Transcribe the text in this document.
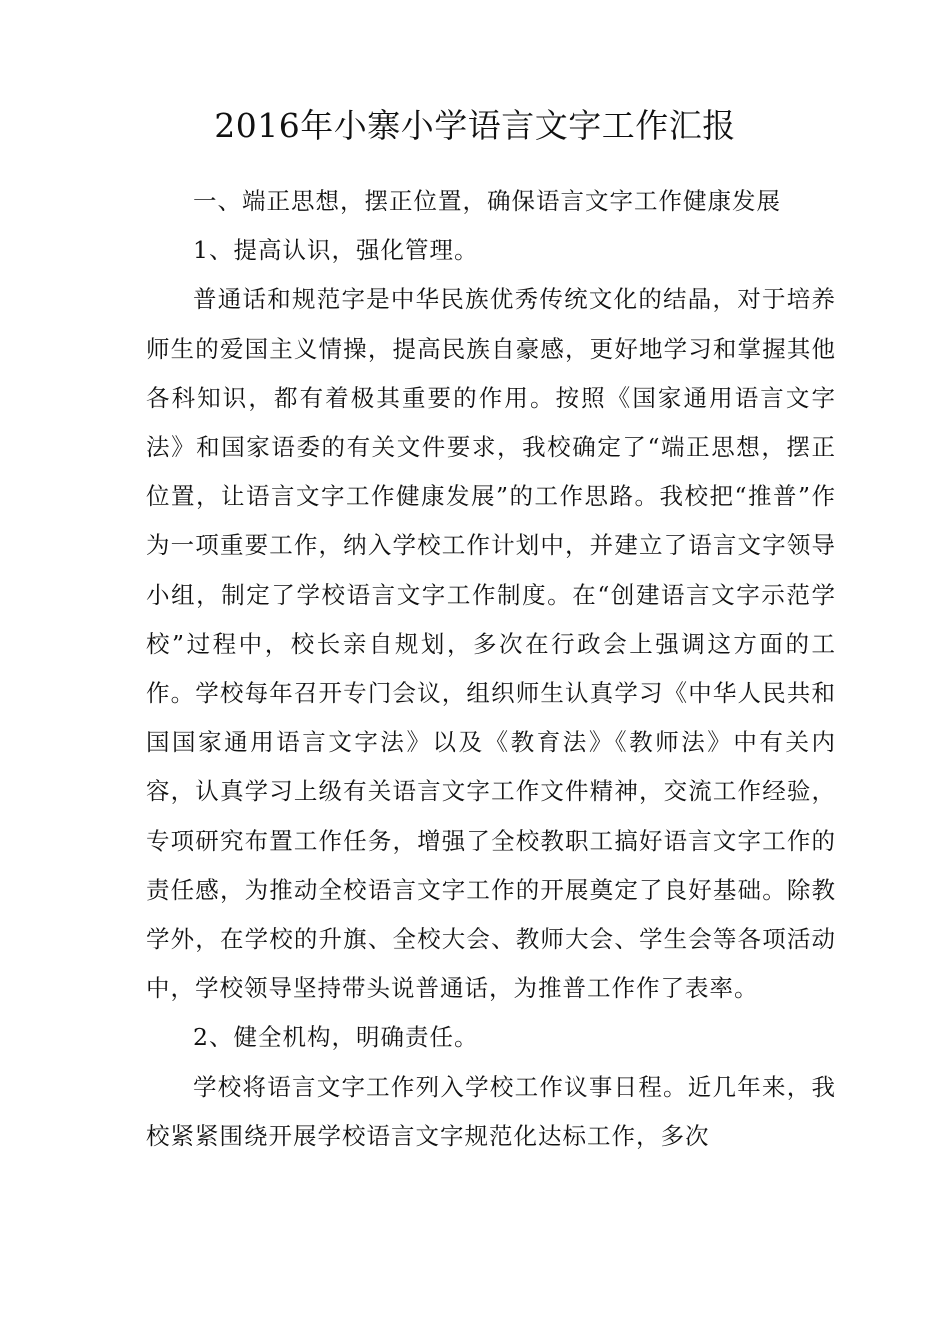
2016年小寨小学语言文字工作汇报

一、端正思想，摆正位置，确保语言文字工作健康发展

1、提高认识，强化管理。

普通话和规范字是中华民族优秀传统文化的结晶，对于培养师生的爱国主义情操，提高民族自豪感，更好地学习和掌握其他各科知识，都有着极其重要的作用。按照《国家通用语言文字法》和国家语委的有关文件要求，我校确定了“端正思想，摆正位置，让语言文字工作健康发展”的工作思路。我校把“推普”作为一项重要工作，纳入学校工作计划中，并建立了语言文字领导小组，制定了学校语言文字工作制度。在“创建语言文字示范学校”过程中，校长亲自规划，多次在行政会上强调这方面的工作。学校每年召开专门会议，组织师生认真学习《中华人民共和国国家通用语言文字法》以及《教育法》《教师法》中有关内容，认真学习上级有关语言文字工作文件精神，交流工作经验，专项研究布置工作任务，增强了全校教职工搞好语言文字工作的责任感，为推动全校语言文字工作的开展奠定了良好基础。除教学外，在学校的升旗、全校大会、教师大会、学生会等各项活动中，学校领导坚持带头说普通话，为推普工作作了表率。

2、健全机构，明确责任。

学校将语言文字工作列入学校工作议事日程。近几年来，我校紧紧围绕开展学校语言文字规范化达标工作，多次
